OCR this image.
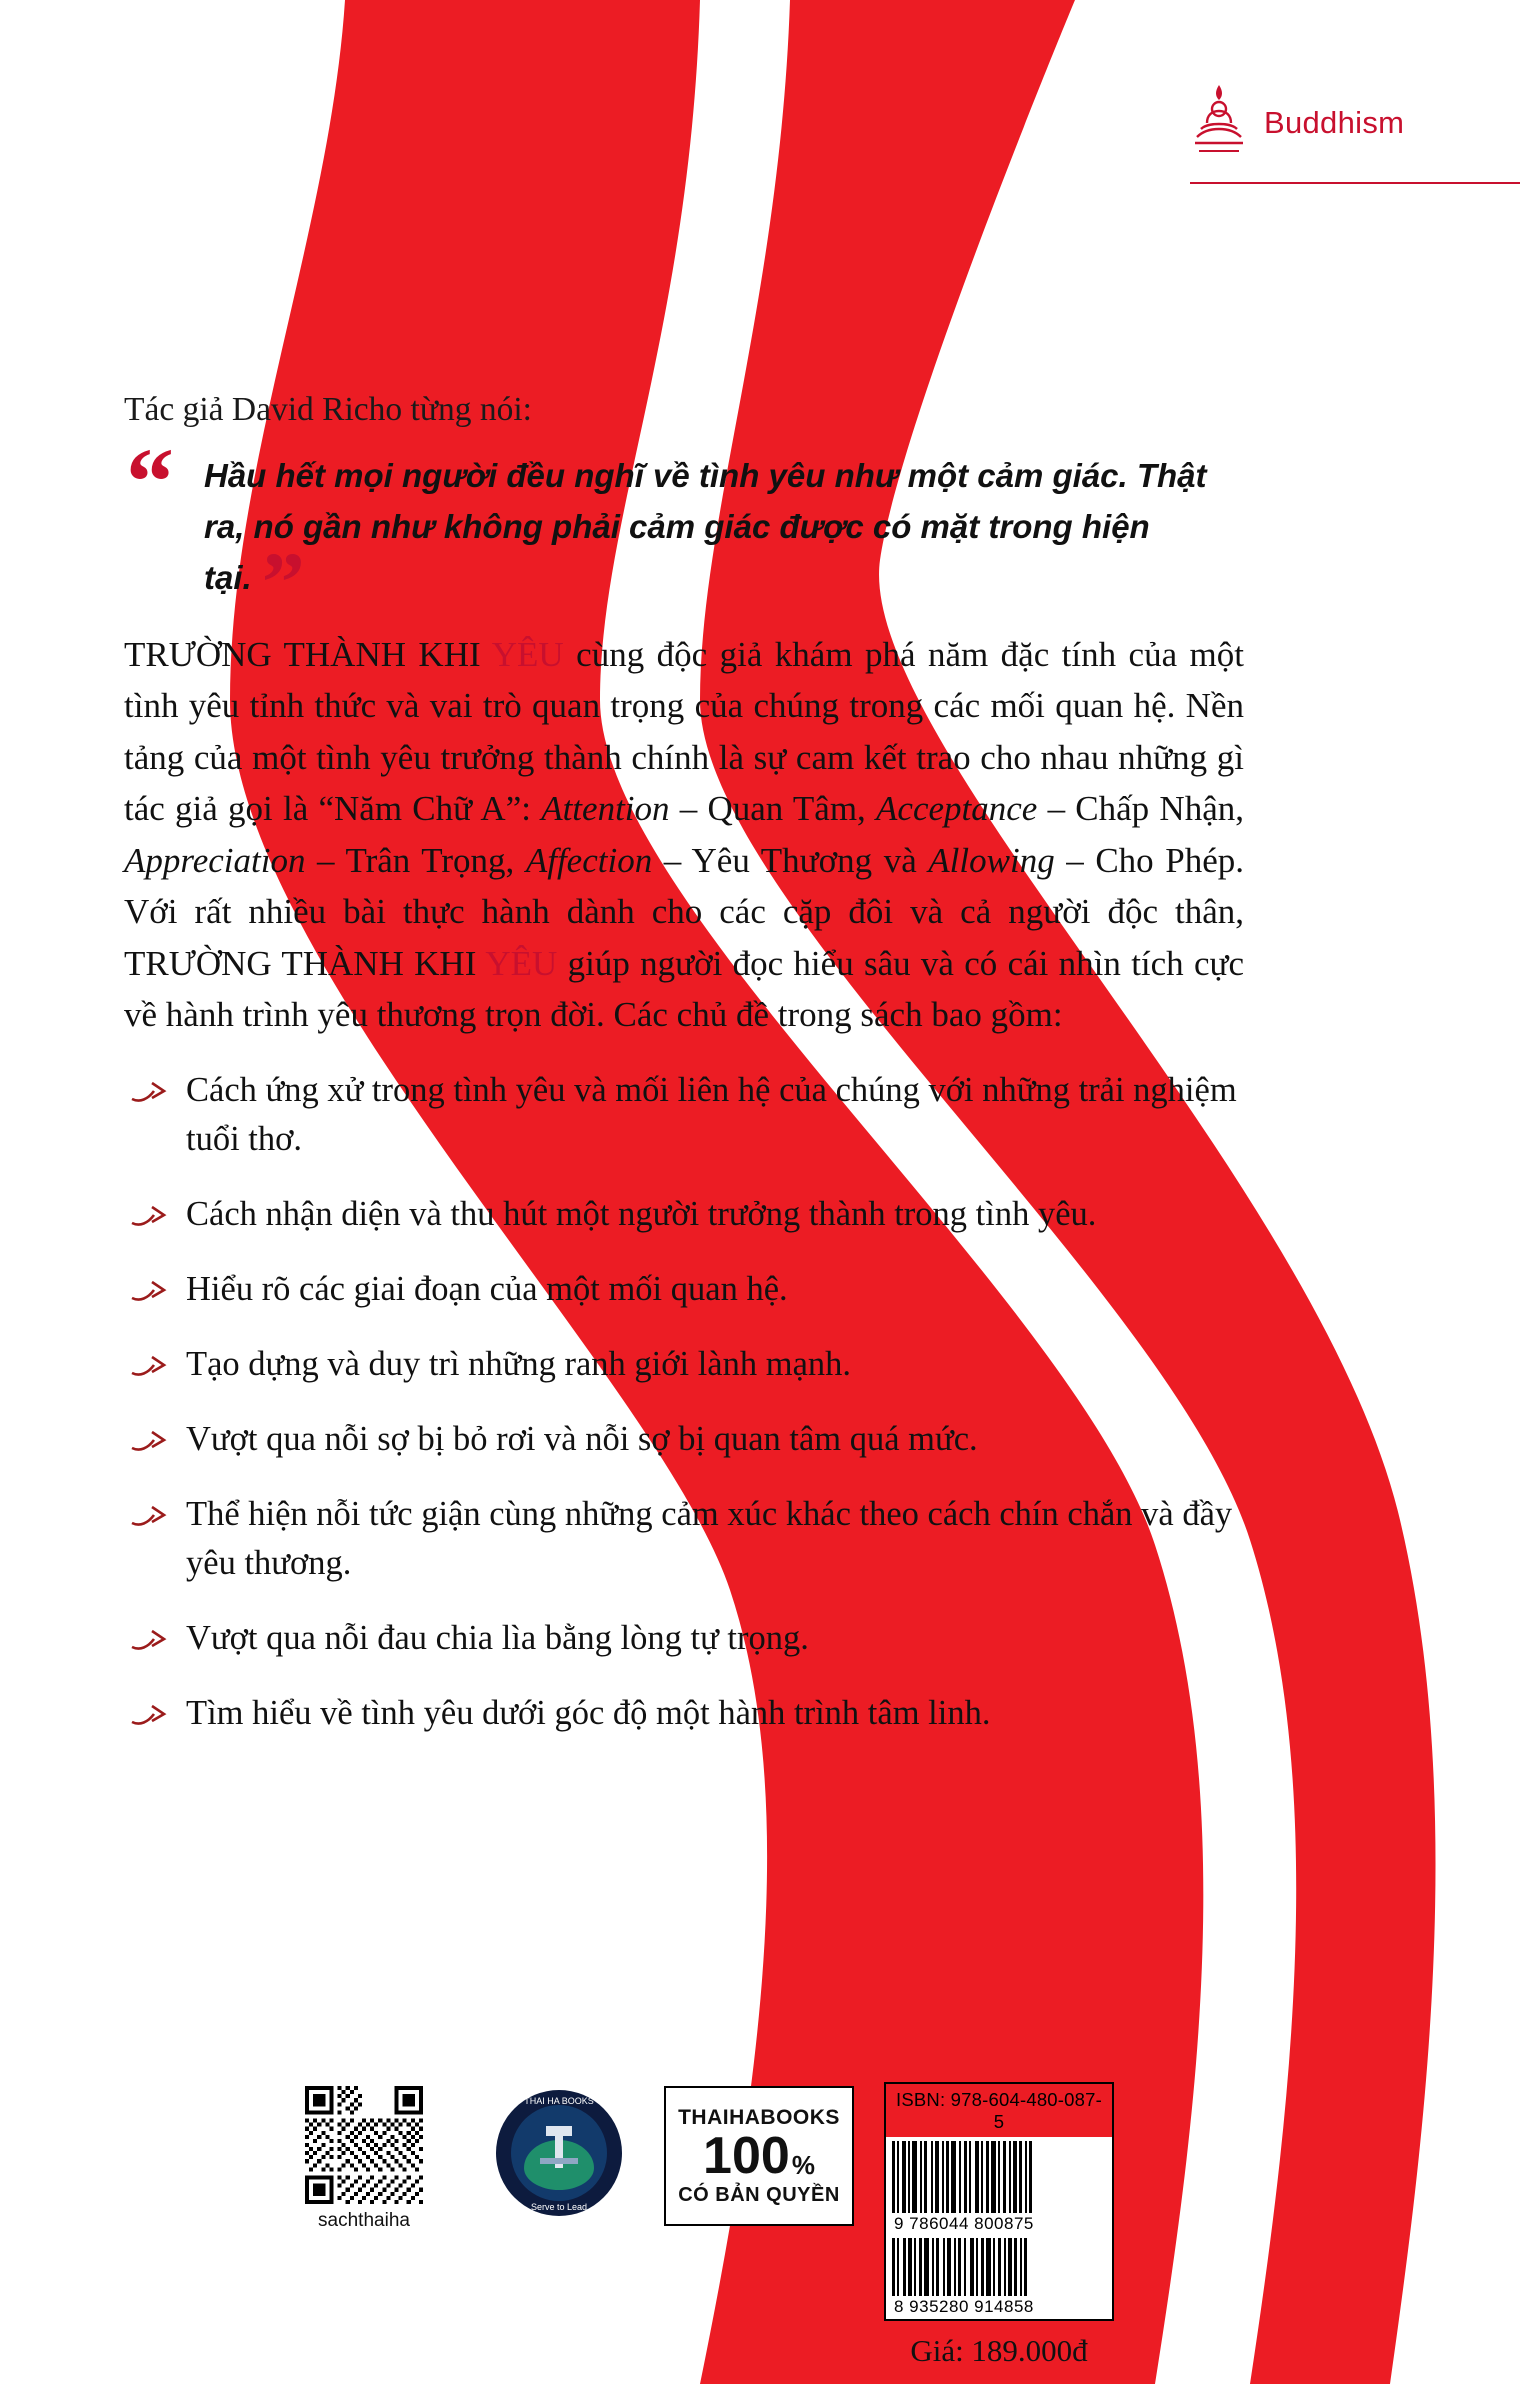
Buddhism

Tác giả David Richo từng nói:

“ Hầu hết mọi người đều nghĩ về tình yêu như một cảm giác. Thật ra, nó gần như không phải cảm giác được có mặt trong hiện tại. ”

TRƯỜNG THÀNH KHI YÊU cùng độc giả khám phá năm đặc tính của một tình yêu tỉnh thức và vai trò quan trọng của chúng trong các mối quan hệ. Nền tảng của một tình yêu trưởng thành chính là sự cam kết trao cho nhau những gì tác giả gọi là “Năm Chữ A”: Attention – Quan Tâm, Acceptance – Chấp Nhận, Appreciation – Trân Trọng, Affection – Yêu Thương và Allowing – Cho Phép. Với rất nhiều bài thực hành dành cho các cặp đôi và cả người độc thân, TRƯỜNG THÀNH KHI YÊU giúp người đọc hiểu sâu và có cái nhìn tích cực về hành trình yêu thương trọn đời. Các chủ đề trong sách bao gồm:

Cách ứng xử trong tình yêu và mối liên hệ của chúng với những trải nghiệm tuổi thơ.
Cách nhận diện và thu hút một người trưởng thành trong tình yêu.
Hiểu rõ các giai đoạn của một mối quan hệ.
Tạo dựng và duy trì những ranh giới lành mạnh.
Vượt qua nỗi sợ bị bỏ rơi và nỗi sợ bị quan tâm quá mức.
Thể hiện nỗi tức giận cùng những cảm xúc khác theo cách chín chắn và đầy yêu thương.
Vượt qua nỗi đau chia lìa bằng lòng tự trọng.
Tìm hiểu về tình yêu dưới góc độ một hành trình tâm linh.
sachthaiha
THAI HA BOOKS
Serve to Lead
THAIHABOOKS
100 %
CÓ BẢN QUYỀN
ISBN: 978-604-480-087-5
9 786044 800875
8 935280 914858
Giá: 189.000đ
